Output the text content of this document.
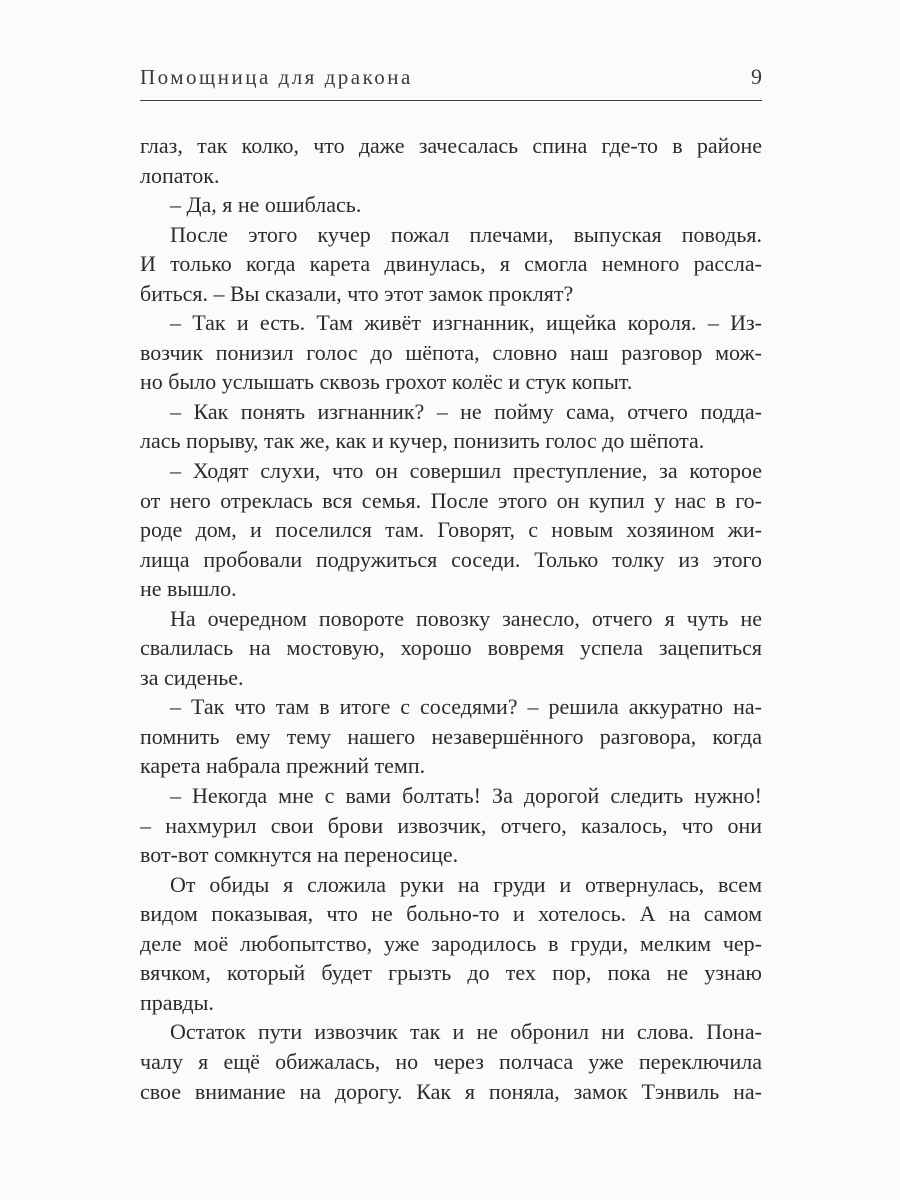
Помощница для дракона	9
глаз, так колко, что даже зачесалась спина где-то в районе
лопаток.
– Да, я не ошиблась.
После этого кучер пожал плечами, выпуская поводья.
И только когда карета двинулась, я смогла немного рассла-
биться. – Вы сказали, что этот замок проклят?
– Так и есть. Там живёт изгнанник, ищейка короля. – Из-
возчик понизил голос до шёпота, словно наш разговор мож-
но было услышать сквозь грохот колёс и стук копыт.
– Как понять изгнанник? – не пойму сама, отчего подда-
лась порыву, так же, как и кучер, понизить голос до шёпота.
– Ходят слухи, что он совершил преступление, за которое
от него отреклась вся семья. После этого он купил у нас в го-
роде дом, и поселился там. Говорят, с новым хозяином жи-
лища пробовали подружиться соседи. Только толку из этого
не вышло.
На очередном повороте повозку занесло, отчего я чуть не
свалилась на мостовую, хорошо вовремя успела зацепиться
за сиденье.
– Так что там в итоге с соседями? – решила аккуратно на-
помнить ему тему нашего незавершённого разговора, когда
карета набрала прежний темп.
– Некогда мне с вами болтать! За дорогой следить нужно!
– нахмурил свои брови извозчик, отчего, казалось, что они
вот-вот сомкнутся на переносице.
От обиды я сложила руки на груди и отвернулась, всем
видом показывая, что не больно-то и хотелось. А на самом
деле моё любопытство, уже зародилось в груди, мелким чер-
вячком, который будет грызть до тех пор, пока не узнаю
правды.
Остаток пути извозчик так и не обронил ни слова. Пона-
чалу я ещё обижалась, но через полчаса уже переключила
свое внимание на дорогу. Как я поняла, замок Тэнвиль на-
